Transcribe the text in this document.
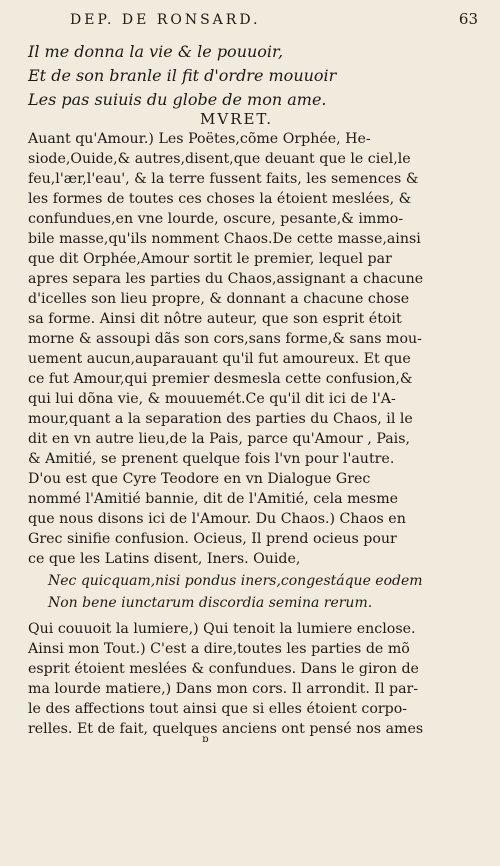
DEP. DE RONSARD.	63
Il me donna la vie & le pouuoir,
Et de son branle il fit d'ordre mouuoir
Les pas suiuis du globe de mon ame.
MVRET.
Auant qu'Amour.) Les Poëtes,cõme Orphée, He-
siode,Ouide,& autres,disent,que deuant que le ciel,le
feu,l'ær,l'eau', & la terre fussent faits, les semences &
les formes de toutes ces choses la étoient meslées, &
confundues,en vne lourde, oscure, pesante,& immo-
bile masse,qu'ils nomment Chaos.De cette masse,ainsi
que dit Orphée,Amour sortit le premier, lequel par
apres separa les parties du Chaos,assignant a chacune
d'icelles son lieu propre, & donnant a chacune chose
sa forme. Ainsi dit nôtre auteur, que son esprit étoit
morne & assoupi dãs son cors,sans forme,& sans mou-
uement aucun,auparauant qu'il fut amoureux. Et que
ce fut Amour,qui premier desmesla cette confusion,&
qui lui dõna vie, & mouuemét.Ce qu'il dit ici de l'A-
mour,quant a la separation des parties du Chaos, il le
dit en vn autre lieu,de la Pais, parce qu'Amour , Pais,
& Amitié, se prenent quelque fois l'vn pour l'autre.
D'ou est que Cyre Teodore en vn Dialogue Grec
nommé l'Amitié bannie, dit de l'Amitié, cela mesme
que nous disons ici de l'Amour. Du Chaos.) Chaos en
Grec sinifie confusion. Ocieus, Il prend ocieus pour
ce que les Latins disent, Iners. Ouide,
Nec quicquam,nisi pondus iners,congestáque eodem
Non bene iunctarum discordia semina rerum.
Qui couuoit la lumiere,) Qui tenoit la lumiere enclose.
Ainsi mon Tout.) C'est a dire,toutes les parties de mõ
esprit étoient meslées & confundues. Dans le giron de
ma lourde matiere,) Dans mon cors. Il arrondit. Il par-
le des affections tout ainsi que si elles étoient corpo-
relles. Et de fait, quelques anciens ont pensé nos ames
ɒ
